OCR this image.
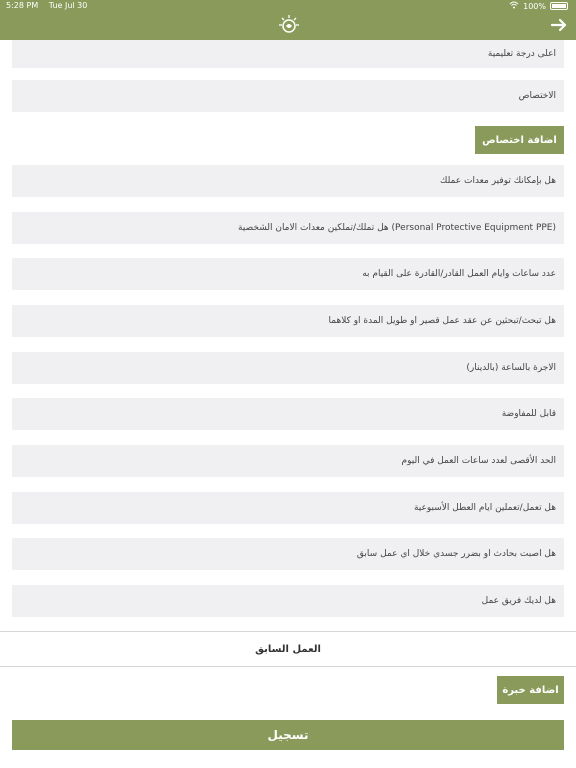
5:28 PM Tue Jul 30	100%
اعلى درجة تعليمية
الاختصاص
اضافة اختصاص
هل بإمكانك توفير معدات عملك
هل تملك/تملكين معدات الامان الشخصية (Personal Protective Equipment PPE)
عدد ساعات وايام العمل القادر/القادرة على القيام به
هل تبحث/تبحثين عن عقد عمل قصير او طويل المدة او كلاهما
الاجرة بالساعة (بالدينار)
قابل للمفاوضة
الحد الأقصى لعدد ساعات العمل في اليوم
هل تعمل/تعملين ايام العطل الأسبوعية
هل اصبت بحادث او بضرر جسدي خلال اي عمل سابق
هل لديك فريق عمل
العمل السابق
اضافة خبرة
تسجيل
